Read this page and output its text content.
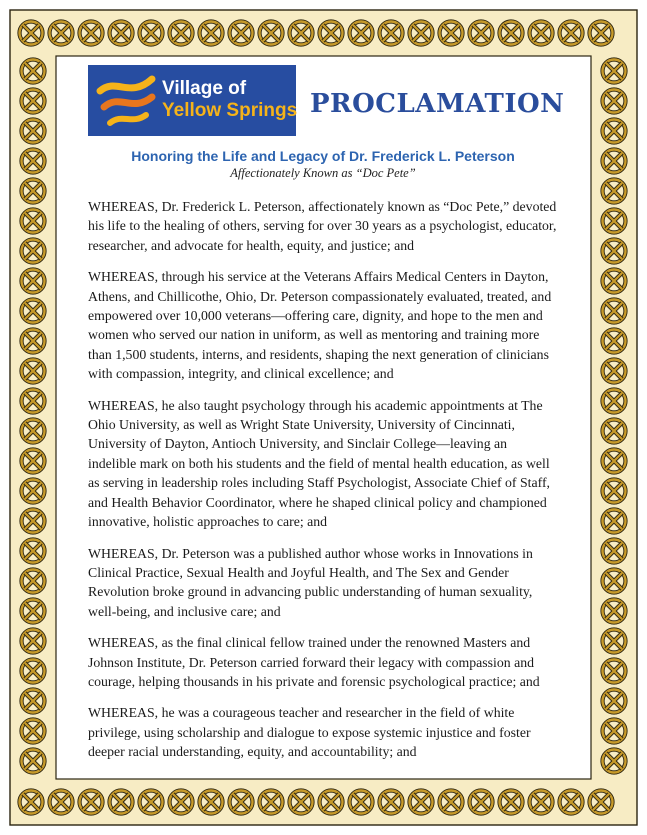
Village of
Yellow Springs PROCLAMATION
Honoring the Life and Legacy of Dr. Frederick L. Peterson
Affectionately Known as “Doc Pete”

WHEREAS, Dr. Frederick L. Peterson, affectionately known as “Doc Pete,” devoted his life to the healing of others, serving for over 30 years as a psychologist, educator, researcher, and advocate for health, equity, and justice; and

WHEREAS, through his service at the Veterans Affairs Medical Centers in Dayton, Athens, and Chillicothe, Ohio, Dr. Peterson compassionately evaluated, treated, and empowered over 10,000 veterans—offering care, dignity, and hope to the men and women who served our nation in uniform, as well as mentoring and training more than 1,500 students, interns, and residents, shaping the next generation of clinicians with compassion, integrity, and clinical excellence; and

WHEREAS, he also taught psychology through his academic appointments at The Ohio University, as well as Wright State University, University of Cincinnati, University of Dayton, Antioch University, and Sinclair College—leaving an indelible mark on both his students and the field of mental health education, as well as serving in leadership roles including Staff Psychologist, Associate Chief of Staff, and Health Behavior Coordinator, where he shaped clinical policy and championed innovative, holistic approaches to care; and

WHEREAS, Dr. Peterson was a published author whose works in Innovations in Clinical Practice, Sexual Health and Joyful Health, and The Sex and Gender Revolution broke ground in advancing public understanding of human sexuality, well-being, and inclusive care; and

WHEREAS, as the final clinical fellow trained under the renowned Masters and Johnson Institute, Dr. Peterson carried forward their legacy with compassion and courage, helping thousands in his private and forensic psychological practice; and

WHEREAS, he was a courageous teacher and researcher in the field of white privilege, using scholarship and dialogue to expose systemic injustice and foster deeper racial understanding, equity, and accountability; and
